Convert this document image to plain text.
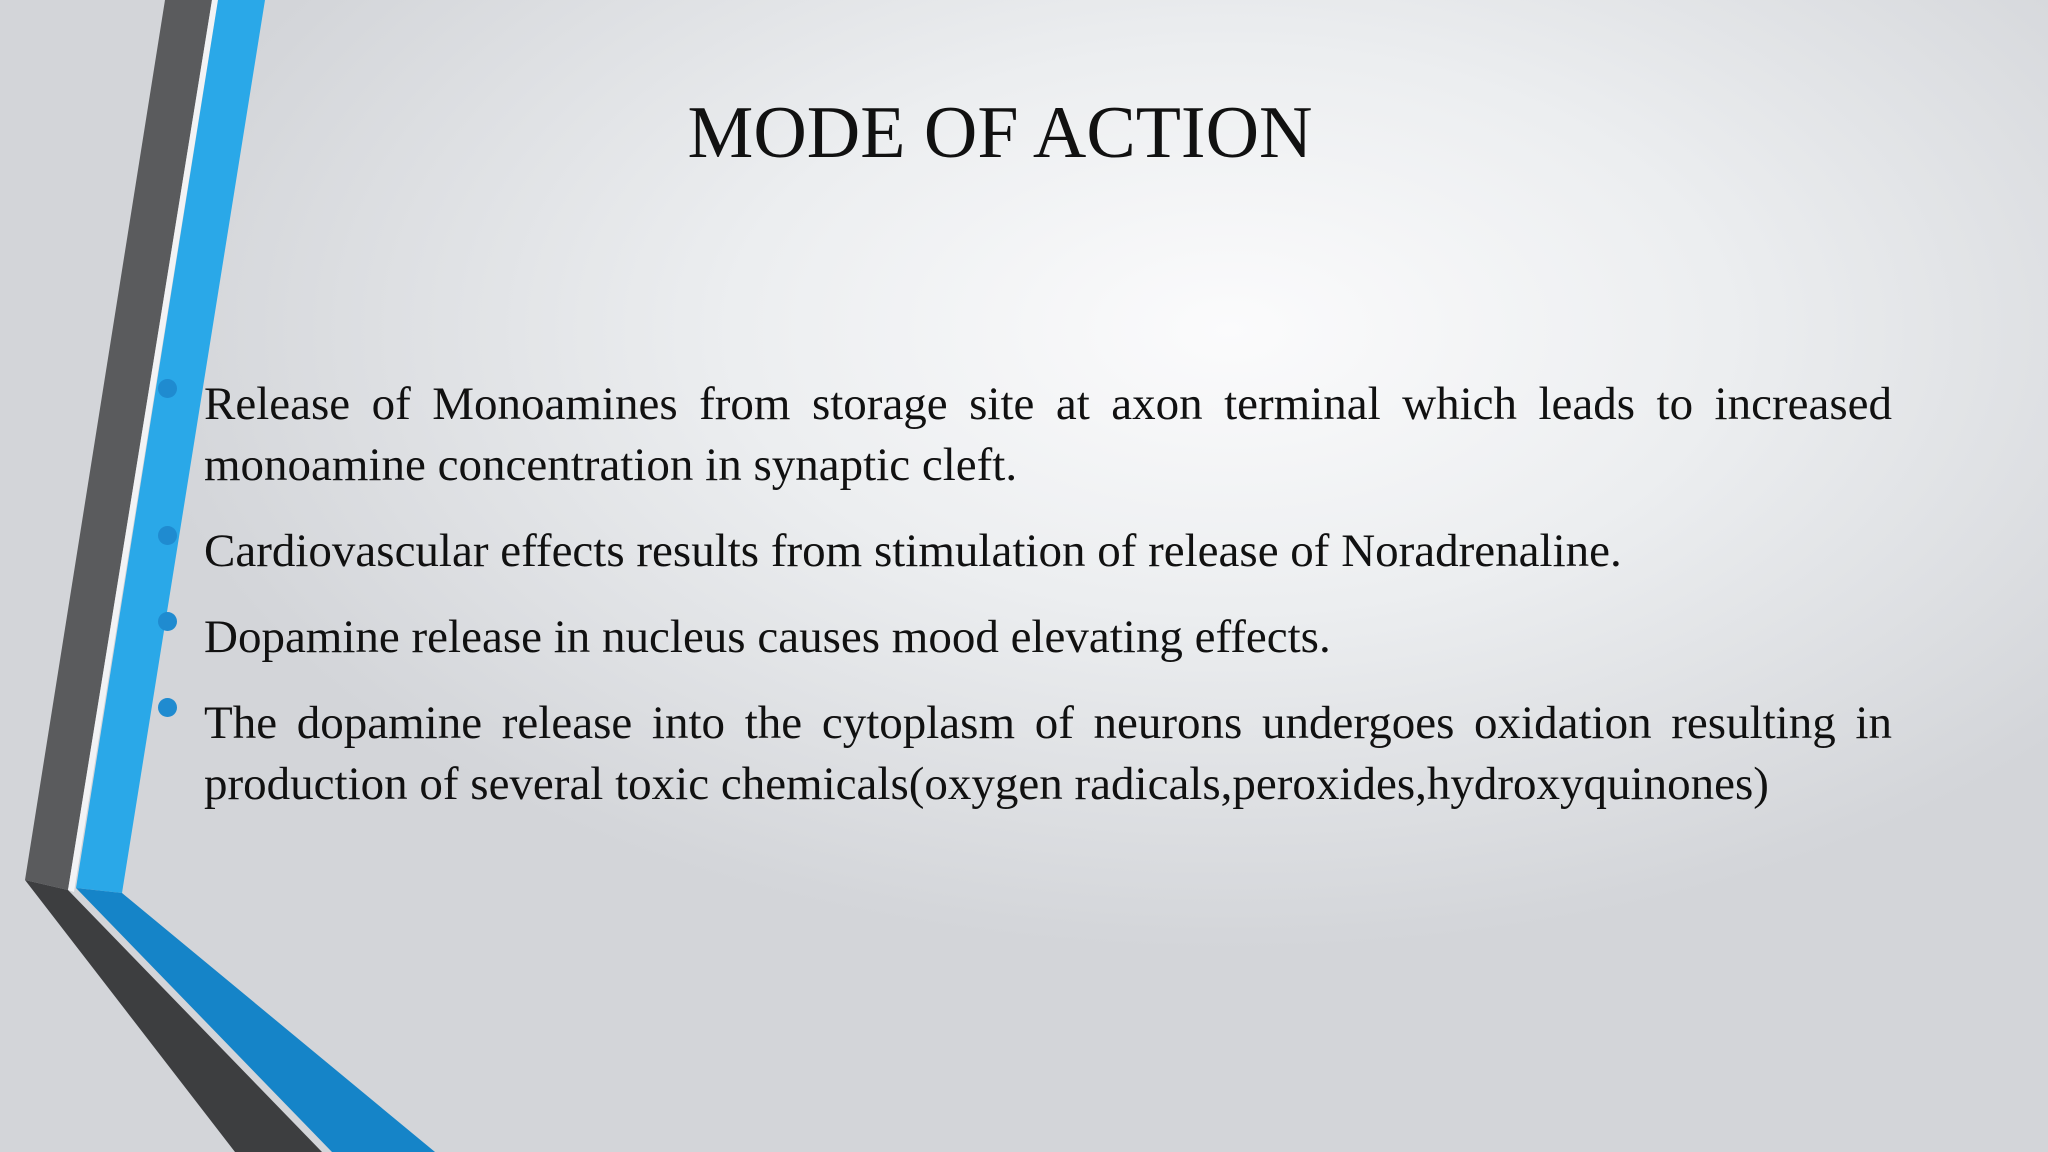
MODE OF ACTION
Release of Monoamines from storage site at axon terminal which leads to increased monoamine concentration in synaptic cleft.
Cardiovascular effects results from stimulation of release of Noradrenaline.
Dopamine release in nucleus causes mood elevating effects.
The dopamine release into the cytoplasm of neurons undergoes oxidation resulting in production of several toxic chemicals(oxygen radicals,peroxides,hydroxyquinones)
